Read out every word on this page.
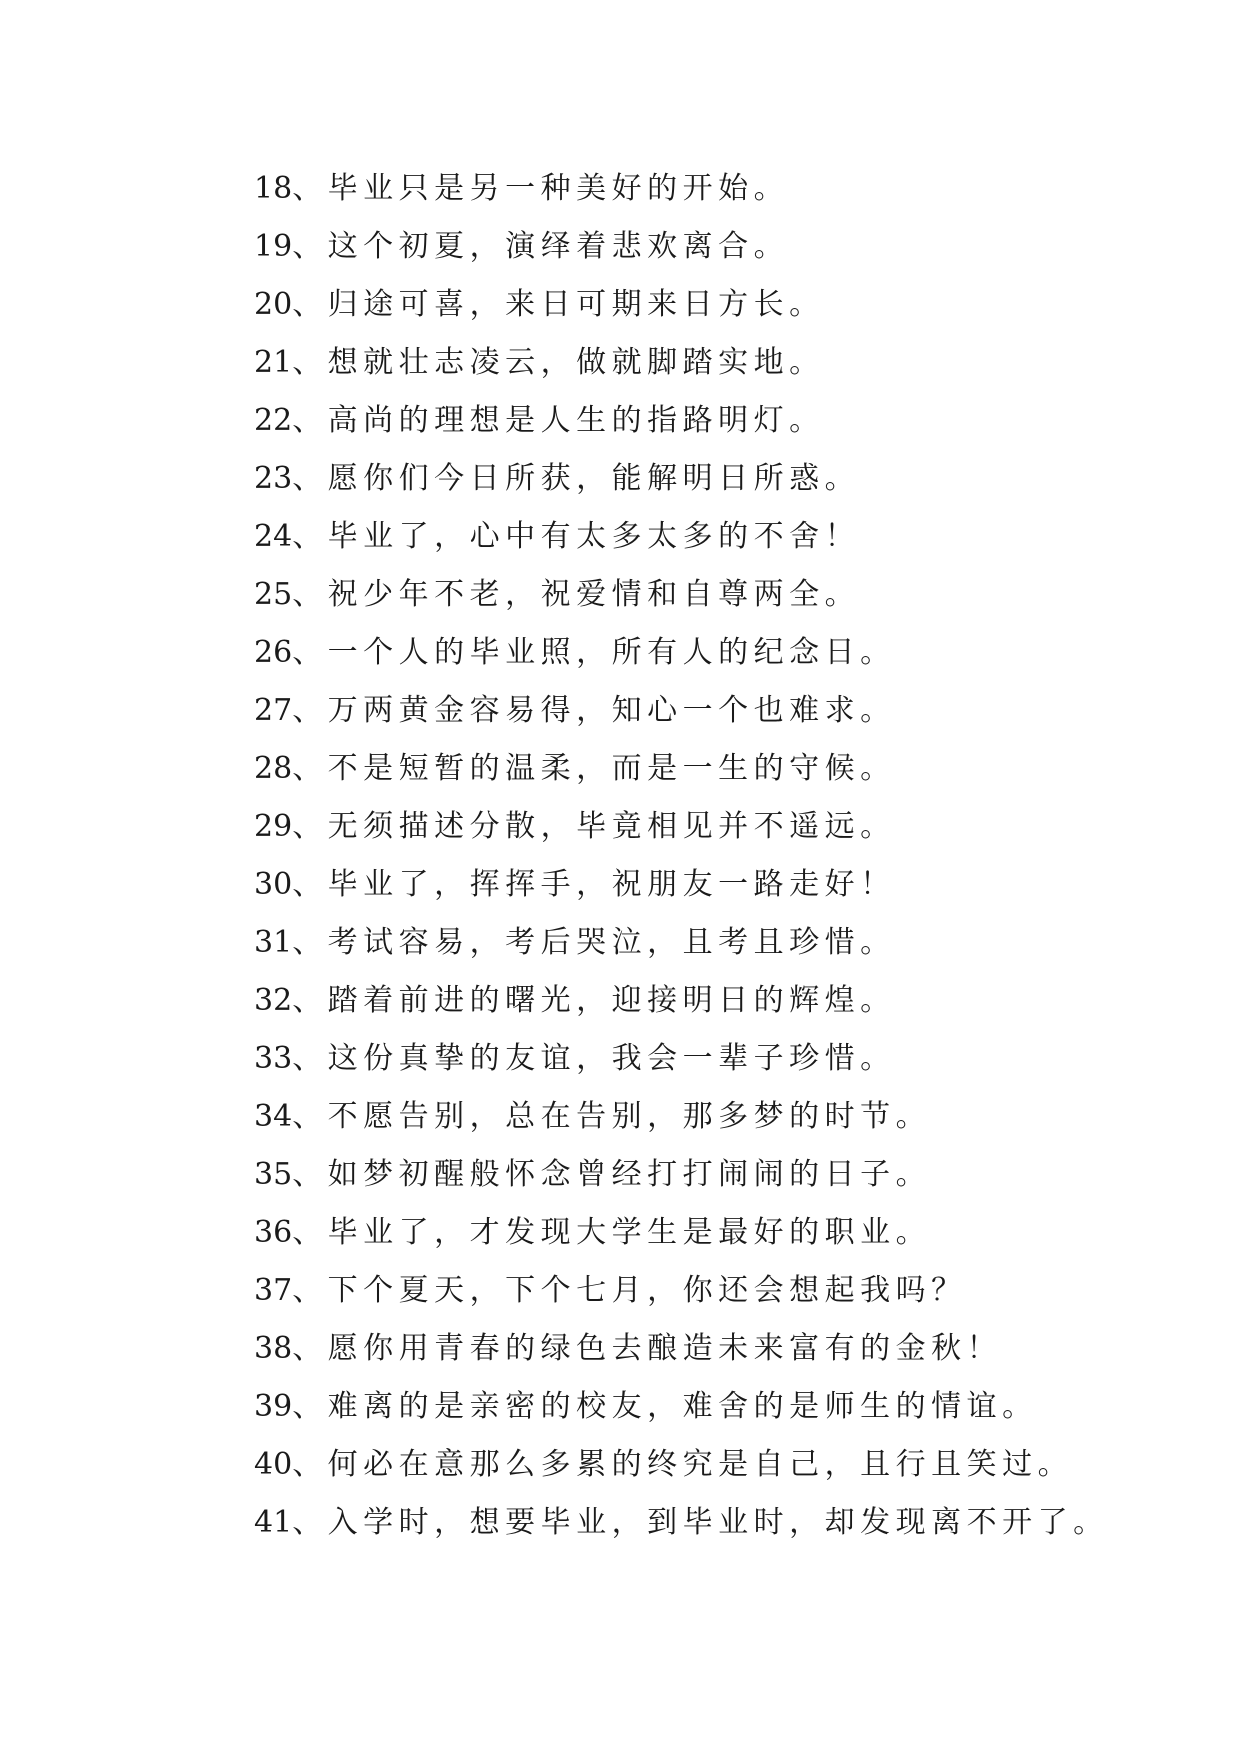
18、毕业只是另一种美好的开始。
19、这个初夏，演绎着悲欢离合。
20、归途可喜，来日可期来日方长。
21、想就壮志凌云，做就脚踏实地。
22、高尚的理想是人生的指路明灯。
23、愿你们今日所获，能解明日所惑。
24、毕业了，心中有太多太多的不舍！
25、祝少年不老，祝爱情和自尊两全。
26、一个人的毕业照，所有人的纪念日。
27、万两黄金容易得，知心一个也难求。
28、不是短暂的温柔，而是一生的守候。
29、无须描述分散，毕竟相见并不遥远。
30、毕业了，挥挥手，祝朋友一路走好！
31、考试容易，考后哭泣，且考且珍惜。
32、踏着前进的曙光，迎接明日的辉煌。
33、这份真挚的友谊，我会一辈子珍惜。
34、不愿告别，总在告别，那多梦的时节。
35、如梦初醒般怀念曾经打打闹闹的日子。
36、毕业了，才发现大学生是最好的职业。
37、下个夏天，下个七月，你还会想起我吗？
38、愿你用青春的绿色去酿造未来富有的金秋！
39、难离的是亲密的校友，难舍的是师生的情谊。
40、何必在意那么多累的终究是自己，且行且笑过。
41、入学时，想要毕业，到毕业时，却发现离不开了。
